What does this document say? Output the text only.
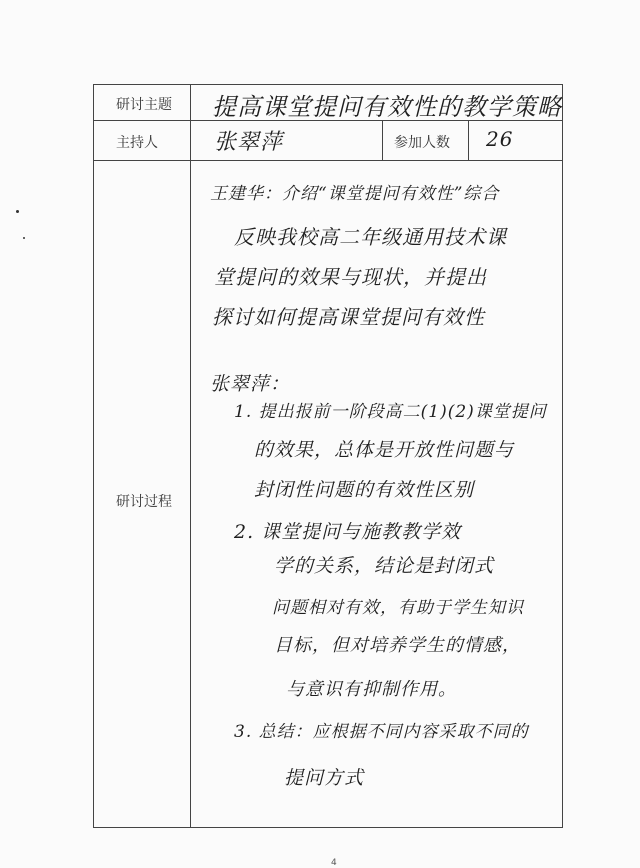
研讨主题 提高课堂提问有效性的教学策略
主持人	张翠萍	参加人数 26
研讨过程
王建华：介绍“课堂提问有效性”综合
反映我校高二年级通用技术课
堂提问的效果与现状，并提出
探讨如何提高课堂提问有效性
张翠萍：
1. 提出报前一阶段高二(1)(2)课堂提问
的效果，总体是开放性问题与
封闭性问题的有效性区别
2. 课堂提问与施教教学效
学的关系，结论是封闭式
问题相对有效，有助于学生知识
目标，但对培养学生的情感，
与意识有抑制作用。
3. 总结：应根据不同内容采取不同的
提问方式
4
